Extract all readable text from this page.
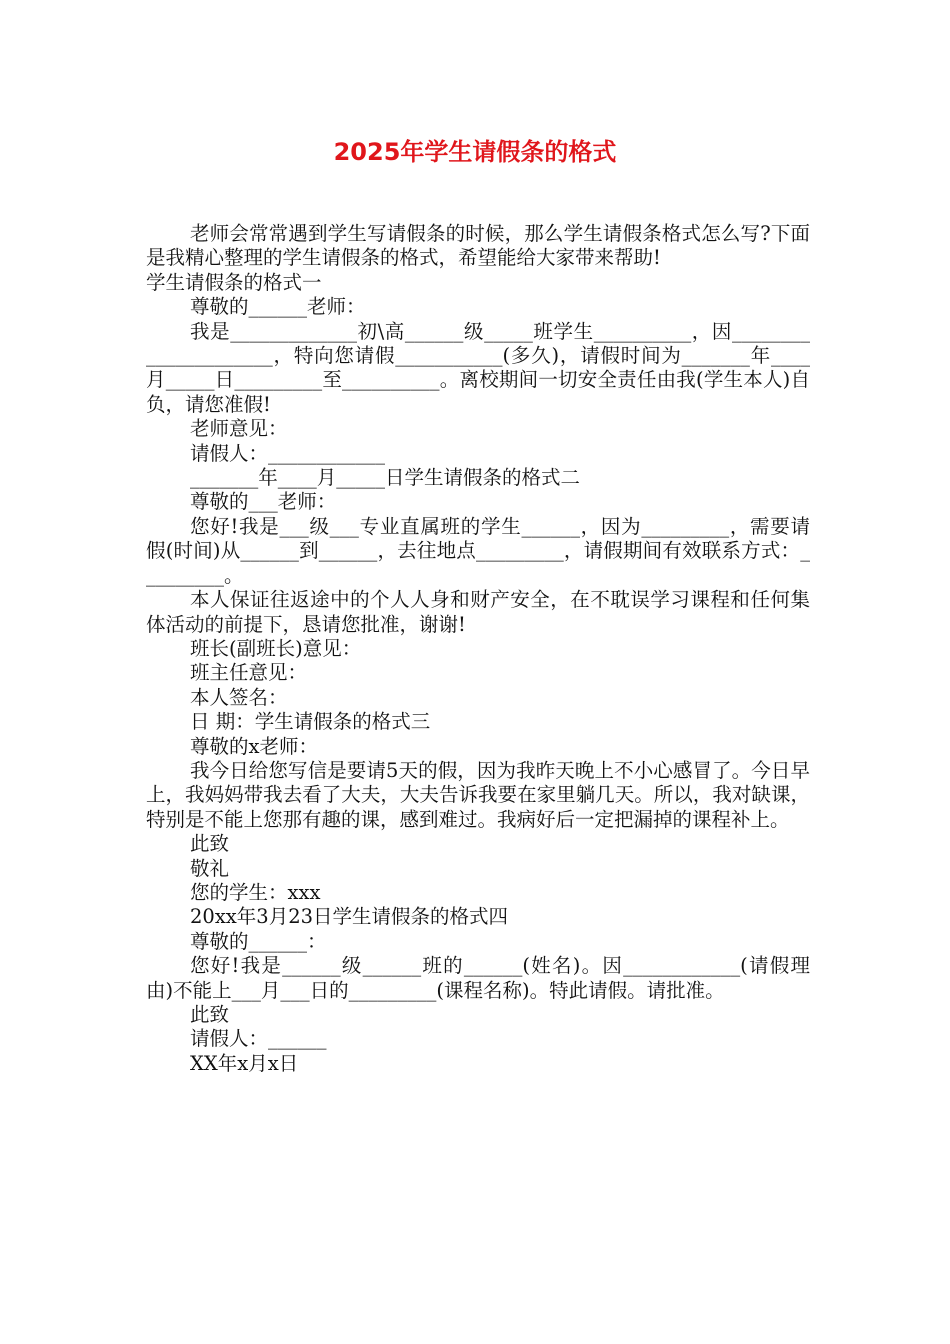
2025年学生请假条的格式

老师会常常遇到学生写请假条的时候，那么学生请假条格式怎么写?下面是我精心整理的学生请假条的格式，希望能给大家带来帮助!

学生请假条的格式一

尊敬的______老师：

我是_____________初\高______级_____班学生__________，因_____________________，特向您请假___________(多久)，请假时间为_______年____月_____日_________至__________。离校期间一切安全责任由我(学生本人)自负，请您准假!

老师意见：

请假人：____________

_______年____月_____日学生请假条的格式二

尊敬的___老师：

您好!我是___级___专业直属班的学生______，因为_________，需要请假(时间)从______到______，去往地点_________，请假期间有效联系方式：_________。

本人保证往返途中的个人人身和财产安全，在不耽误学习课程和任何集体活动的前提下，恳请您批准，谢谢!

班长(副班长)意见：

班主任意见：

本人签名：

日 期：学生请假条的格式三

尊敬的x老师：

我今日给您写信是要请5天的假，因为我昨天晚上不小心感冒了。今日早上，我妈妈带我去看了大夫，大夫告诉我要在家里躺几天。所以，我对缺课，特别是不能上您那有趣的课，感到难过。我病好后一定把漏掉的课程补上。

此致

敬礼

您的学生：xxx

20xx年3月23日学生请假条的格式四

尊敬的______：

您好!我是______级______班的______(姓名)。因____________(请假理由)不能上___月___日的_________(课程名称)。特此请假。请批准。

此致

请假人：______

XX年x月x日
